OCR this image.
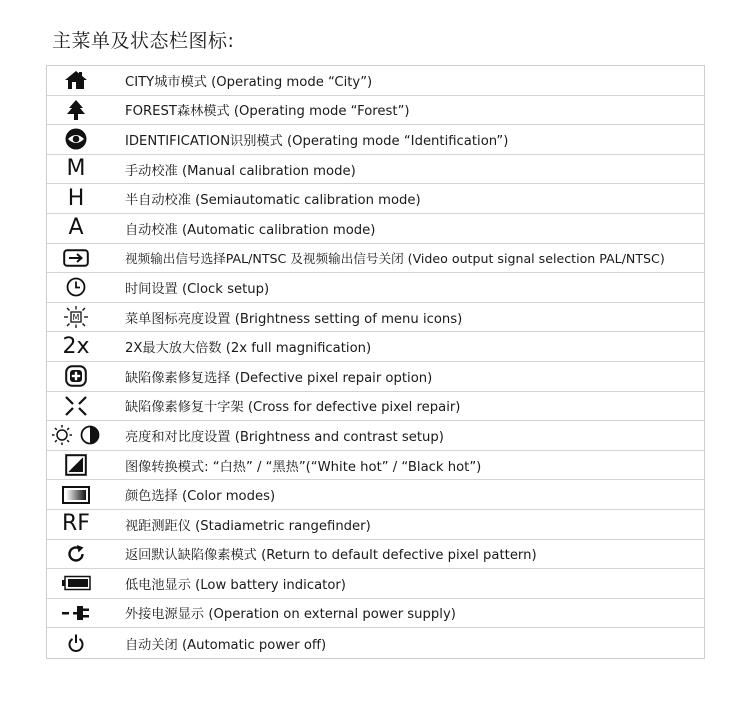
主菜单及状态栏图标:
CITY城市模式 (Operating mode “City”)
FOREST森林模式 (Operating mode “Forest”)
IDENTIFICATION识别模式 (Operating mode “Identification”)
M	手动校准 (Manual calibration mode)
H	半自动校准 (Semiautomatic calibration mode)
A	自动校准 (Automatic calibration mode)
视频输出信号选择PAL/NTSC 及视频输出信号关闭 (Video output signal selection PAL/NTSC)
时间设置 (Clock setup)
M	菜单图标亮度设置 (Brightness setting of menu icons)
2x	2X最大放大倍数 (2x full magnification)
缺陷像素修复选择 (Defective pixel repair option)
缺陷像素修复十字架 (Cross for defective pixel repair)
亮度和对比度设置 (Brightness and contrast setup)
图像转换模式: “白热” / “黑热”(“White hot” / “Black hot”)
颜色选择 (Color modes)
RF	视距测距仪 (Stadiametric rangefinder)
返回默认缺陷像素模式 (Return to default defective pixel pattern)
低电池显示 (Low battery indicator)
外接电源显示 (Operation on external power supply)
自动关闭 (Automatic power off)
